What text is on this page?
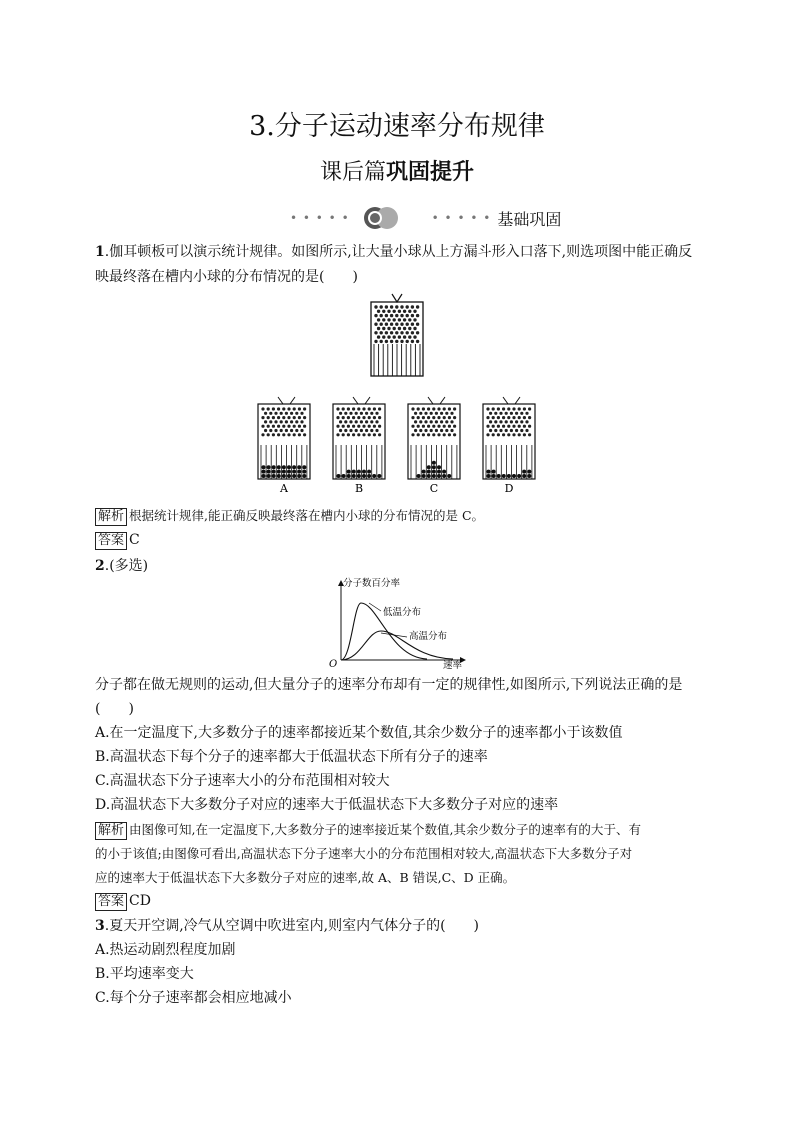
3.分子运动速率分布规律
课后篇巩固提升
• • • • •	• • • • • 基础巩固
1.伽耳顿板可以演示统计规律。如图所示,让大量小球从上方漏斗形入口落下,则选项图中能正确反
映最终落在槽内小球的分布情况的是(　　)
A	B	C	D
解析 根据统计规律,能正确反映最终落在槽内小球的分布情况的是 C。
答案 C
2.(多选)
分子数百分率
速率
O
低温分布
高温分布
分子都在做无规则的运动,但大量分子的速率分布却有一定的规律性,如图所示,下列说法正确的是
(　　)
A.在一定温度下,大多数分子的速率都接近某个数值,其余少数分子的速率都小于该数值
B.高温状态下每个分子的速率都大于低温状态下所有分子的速率
C.高温状态下分子速率大小的分布范围相对较大
D.高温状态下大多数分子对应的速率大于低温状态下大多数分子对应的速率
解析 由图像可知,在一定温度下,大多数分子的速率接近某个数值,其余少数分子的速率有的大于、有
的小于该值;由图像可看出,高温状态下分子速率大小的分布范围相对较大,高温状态下大多数分子对
应的速率大于低温状态下大多数分子对应的速率,故 A、B 错误,C、D 正确。
答案 CD
3.夏天开空调,冷气从空调中吹进室内,则室内气体分子的(　　)
A.热运动剧烈程度加剧
B.平均速率变大
C.每个分子速率都会相应地减小
